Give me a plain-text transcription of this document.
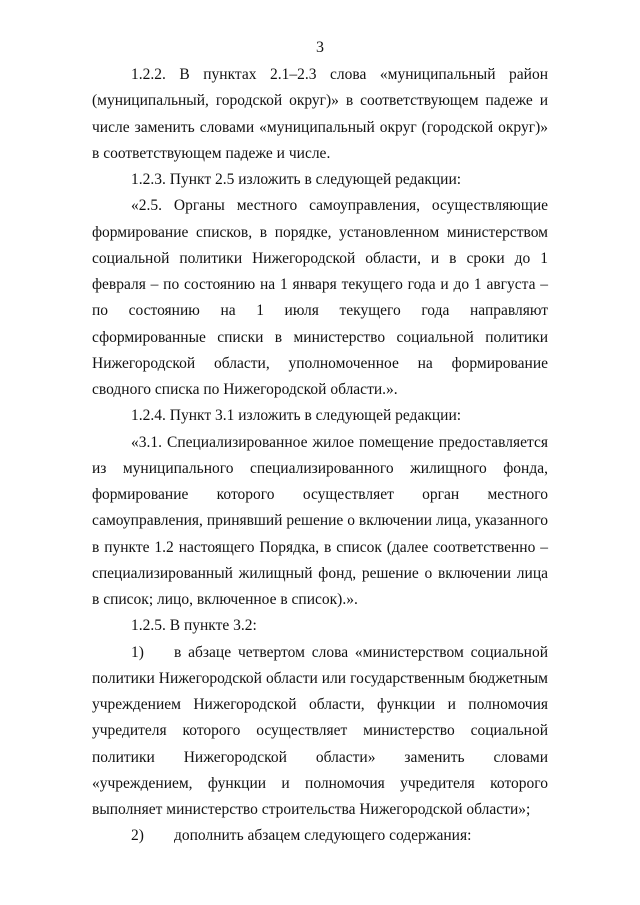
3

1.2.2. В пунктах 2.1–2.3 слова «муниципальный район (муниципальный, городской округ)» в соответствующем падеже и числе заменить словами «муниципальный округ (городской округ)» в соответствующем падеже и числе.

1.2.3. Пункт 2.5 изложить в следующей редакции:

«2.5. Органы местного самоуправления, осуществляющие формирование списков, в порядке, установленном министерством социальной политики Нижегородской области, и в сроки до 1 февраля – по состоянию на 1 января текущего года и до 1 августа – по состоянию на 1 июля текущего года направляют сформированные списки в министерство социальной политики Нижегородской области, уполномоченное на формирование сводного списка по Нижегородской области.».

1.2.4. Пункт 3.1 изложить в следующей редакции:

«3.1. Специализированное жилое помещение предоставляется из муниципального специализированного жилищного фонда, формирование которого осуществляет орган местного самоуправления, принявший решение о включении лица, указанного в пункте 1.2 настоящего Порядка, в список (далее соответственно – специализированный жилищный фонд, решение о включении лица в список; лицо, включенное в список).».

1.2.5. В пункте 3.2:

1) в абзаце четвертом слова «министерством социальной политики Нижегородской области или государственным бюджетным учреждением Нижегородской области, функции и полномочия учредителя которого осуществляет министерство социальной политики Нижегородской области» заменить словами «учреждением, функции и полномочия учредителя которого выполняет министерство строительства Нижегородской области»;

2) дополнить абзацем следующего содержания:
